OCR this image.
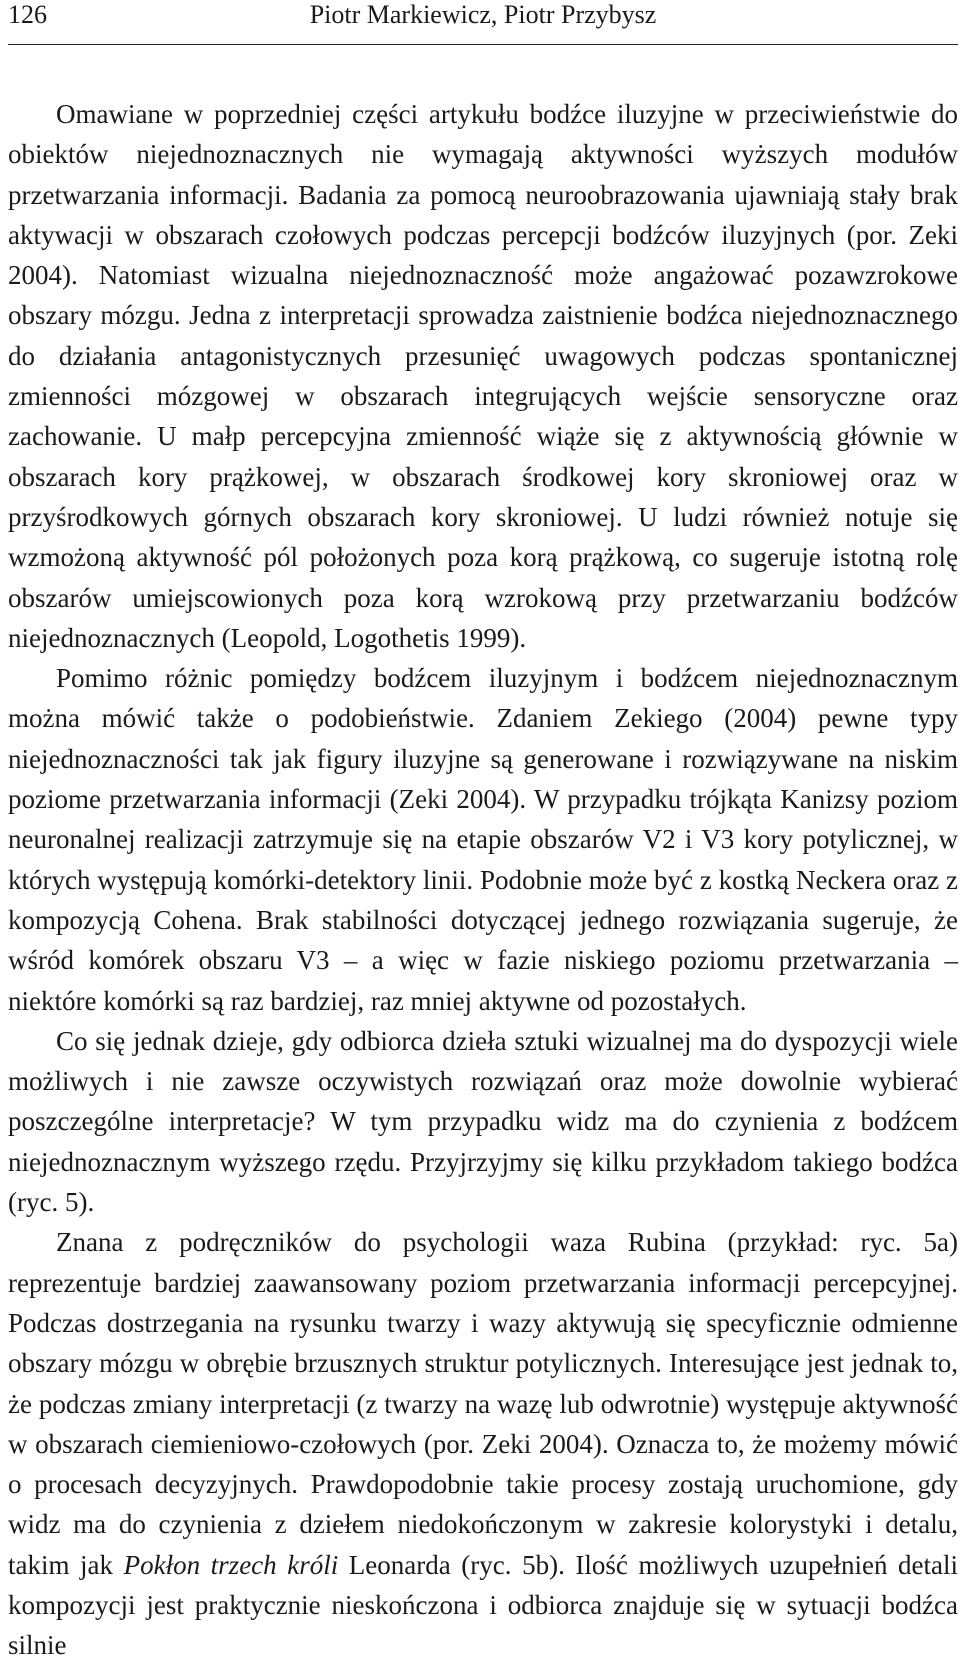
126	Piotr Markiewicz, Piotr Przybysz

Omawiane w poprzedniej części artykułu bodźce iluzyjne w przeciwieństwie do obiektów niejednoznacznych nie wymagają aktywności wyższych modułów przetwarzania informacji. Badania za pomocą neuroobrazowania ujawniają stały brak aktywacji w obszarach czołowych podczas percepcji bodźców iluzyjnych (por. Zeki 2004). Natomiast wizualna niejednoznaczność może angażować pozawzrokowe obszary mózgu. Jedna z interpretacji sprowadza zaistnienie bodźca niejednoznacznego do działania antagonistycznych przesunięć uwagowych podczas spontanicznej zmienności mózgowej w obszarach integrujących wejście sensoryczne oraz zachowanie. U małp percepcyjna zmienność wiąże się z aktywnością głównie w obszarach kory prążkowej, w obszarach środkowej kory skroniowej oraz w przyśrodkowych górnych obszarach kory skroniowej. U ludzi również notuje się wzmożoną aktywność pól położonych poza korą prążkową, co sugeruje istotną rolę obszarów umiejscowionych poza korą wzrokową przy przetwarzaniu bodźców niejednoznacznych (Leopold, Logothetis 1999).

Pomimo różnic pomiędzy bodźcem iluzyjnym i bodźcem niejednoznacznym można mówić także o podobieństwie. Zdaniem Zekiego (2004) pewne typy niejednoznaczności tak jak figury iluzyjne są generowane i rozwiązywane na niskim poziome przetwarzania informacji (Zeki 2004). W przypadku trójkąta Kanizsy poziom neuronalnej realizacji zatrzymuje się na etapie obszarów V2 i V3 kory potylicznej, w których występują komórki-detektory linii. Podobnie może być z kostką Neckera oraz z kompozycją Cohena. Brak stabilności dotyczącej jednego rozwiązania sugeruje, że wśród komórek obszaru V3 – a więc w fazie niskiego poziomu przetwarzania – niektóre komórki są raz bardziej, raz mniej aktywne od pozostałych.

Co się jednak dzieje, gdy odbiorca dzieła sztuki wizualnej ma do dyspozycji wiele możliwych i nie zawsze oczywistych rozwiązań oraz może dowolnie wybierać poszczególne interpretacje? W tym przypadku widz ma do czynienia z bodźcem niejednoznacznym wyższego rzędu. Przyjrzyjmy się kilku przykładom takiego bodźca (ryc. 5).

Znana z podręczników do psychologii waza Rubina (przykład: ryc. 5a) reprezentuje bardziej zaawansowany poziom przetwarzania informacji percepcyjnej. Podczas dostrzegania na rysunku twarzy i wazy aktywują się specyficznie odmienne obszary mózgu w obrębie brzusznych struktur potylicznych. Interesujące jest jednak to, że podczas zmiany interpretacji (z twarzy na wazę lub odwrotnie) występuje aktywność w obszarach ciemieniowo-czołowych (por. Zeki 2004). Oznacza to, że możemy mówić o procesach decyzyjnych. Prawdopodobnie takie procesy zostają uruchomione, gdy widz ma do czynienia z dziełem niedokończonym w zakresie kolorystyki i detalu, takim jak Pokłon trzech króli Leonarda (ryc. 5b). Ilość możliwych uzupełnień detali kompozycji jest praktycznie nieskończona i odbiorca znajduje się w sytuacji bodźca silnie
